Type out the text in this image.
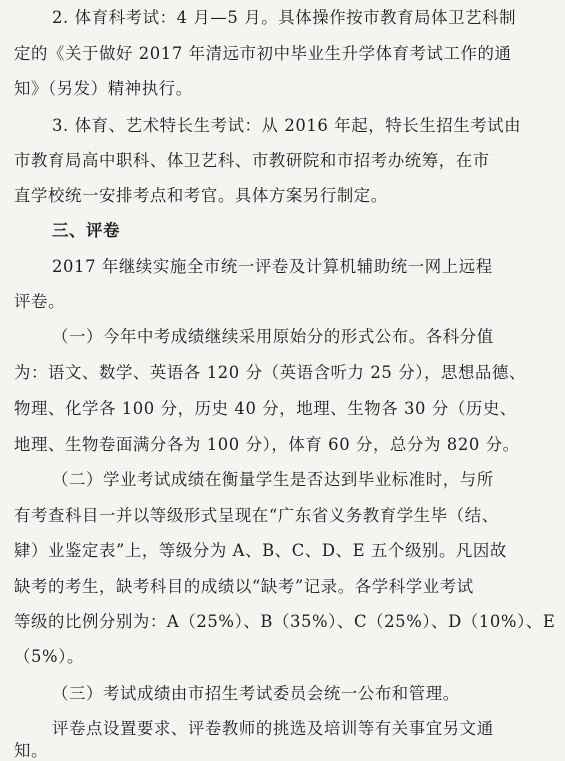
2. 体育科考试：4 月—5 月。具体操作按市教育局体卫艺科制
定的《关于做好 2017 年清远市初中毕业生升学体育考试工作的通
知》（另发）精神执行。
3. 体育、艺术特长生考试：从 2016 年起，特长生招生考试由
市教育局高中职科、体卫艺科、市教研院和市招考办统筹，在市
直学校统一安排考点和考官。具体方案另行制定。
三、评卷
2017 年继续实施全市统一评卷及计算机辅助统一网上远程
评卷。
（一）今年中考成绩继续采用原始分的形式公布。各科分值
为：语文、数学、英语各 120 分（英语含听力 25 分），思想品德、
物理、化学各 100 分，历史 40 分，地理、生物各 30 分（历史、
地理、生物卷面满分各为 100 分），体育 60 分，总分为 820 分。
（二）学业考试成绩在衡量学生是否达到毕业标准时，与所
有考查科目一并以等级形式呈现在“广东省义务教育学生毕（结、
肄）业鉴定表”上，等级分为 A、B、C、D、E 五个级别。凡因故
缺考的考生，缺考科目的成绩以“缺考”记录。各学科学业考试
等级的比例分别为：A（25%）、B（35%）、C（25%）、D（10%）、E
（5%）。
（三）考试成绩由市招生考试委员会统一公布和管理。
评卷点设置要求、评卷教师的挑选及培训等有关事宜另文通
知。
